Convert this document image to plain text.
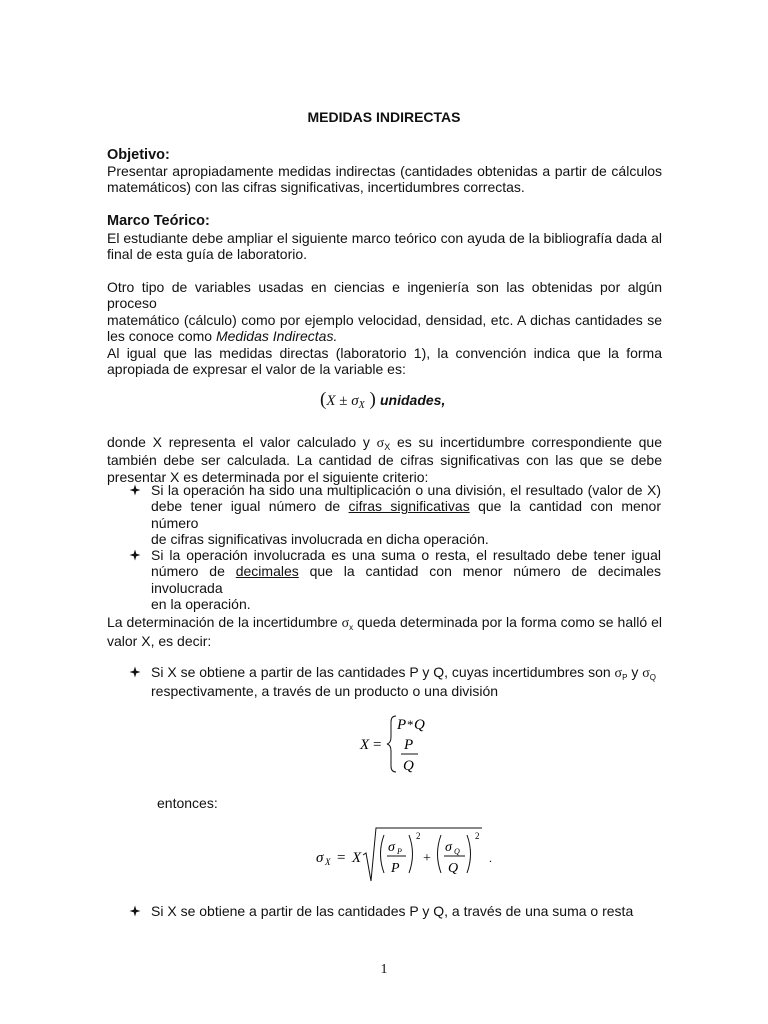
MEDIDAS INDIRECTAS
Objetivo:
Presentar apropiadamente medidas indirectas (cantidades obtenidas a partir de cálculos
matemáticos) con las cifras significativas, incertidumbres correctas.
Marco Teórico:
El estudiante debe ampliar el siguiente marco teórico con ayuda de la bibliografía dada al
final de esta guía de laboratorio.
Otro tipo de variables usadas en ciencias e ingeniería son las obtenidas por algún proceso
matemático (cálculo) como por ejemplo velocidad, densidad, etc. A dichas cantidades se
les conoce como Medidas Indirectas.
Al igual que las medidas directas (laboratorio 1), la convención indica que la forma
apropiada de expresar el valor de la variable es:
($X \pm \sigma_X$ ) unidades,
donde X representa el valor calculado y $\sigma_X$ es su incertidumbre correspondiente que
también debe ser calculada. La cantidad de cifras significativas con las que se debe
presentar X es determinada por el siguiente criterio:
Si la operación ha sido una multiplicación o una división, el resultado (valor de X)
debe tener igual número de cifras significativas que la cantidad con menor número
de cifras significativas involucrada en dicha operación.
Si la operación involucrada es una suma o resta, el resultado debe tener igual
número de decimales que la cantidad con menor número de decimales involucrada
en la operación.
La determinación de la incertidumbre $\sigma_x$ queda determinada por la forma como se halló el
valor X, es decir:
Si X se obtiene a partir de las cantidades P y Q, cuyas incertidumbres son $\sigma_P$ y $\sigma_Q$
respectivamente, a través de un producto o una división
X =
P * Q
P
Q
entonces:
σ X = X
σ P
P
2
+
σ Q
Q
2
.
Si X se obtiene a partir de las cantidades P y Q, a través de una suma o resta
1
